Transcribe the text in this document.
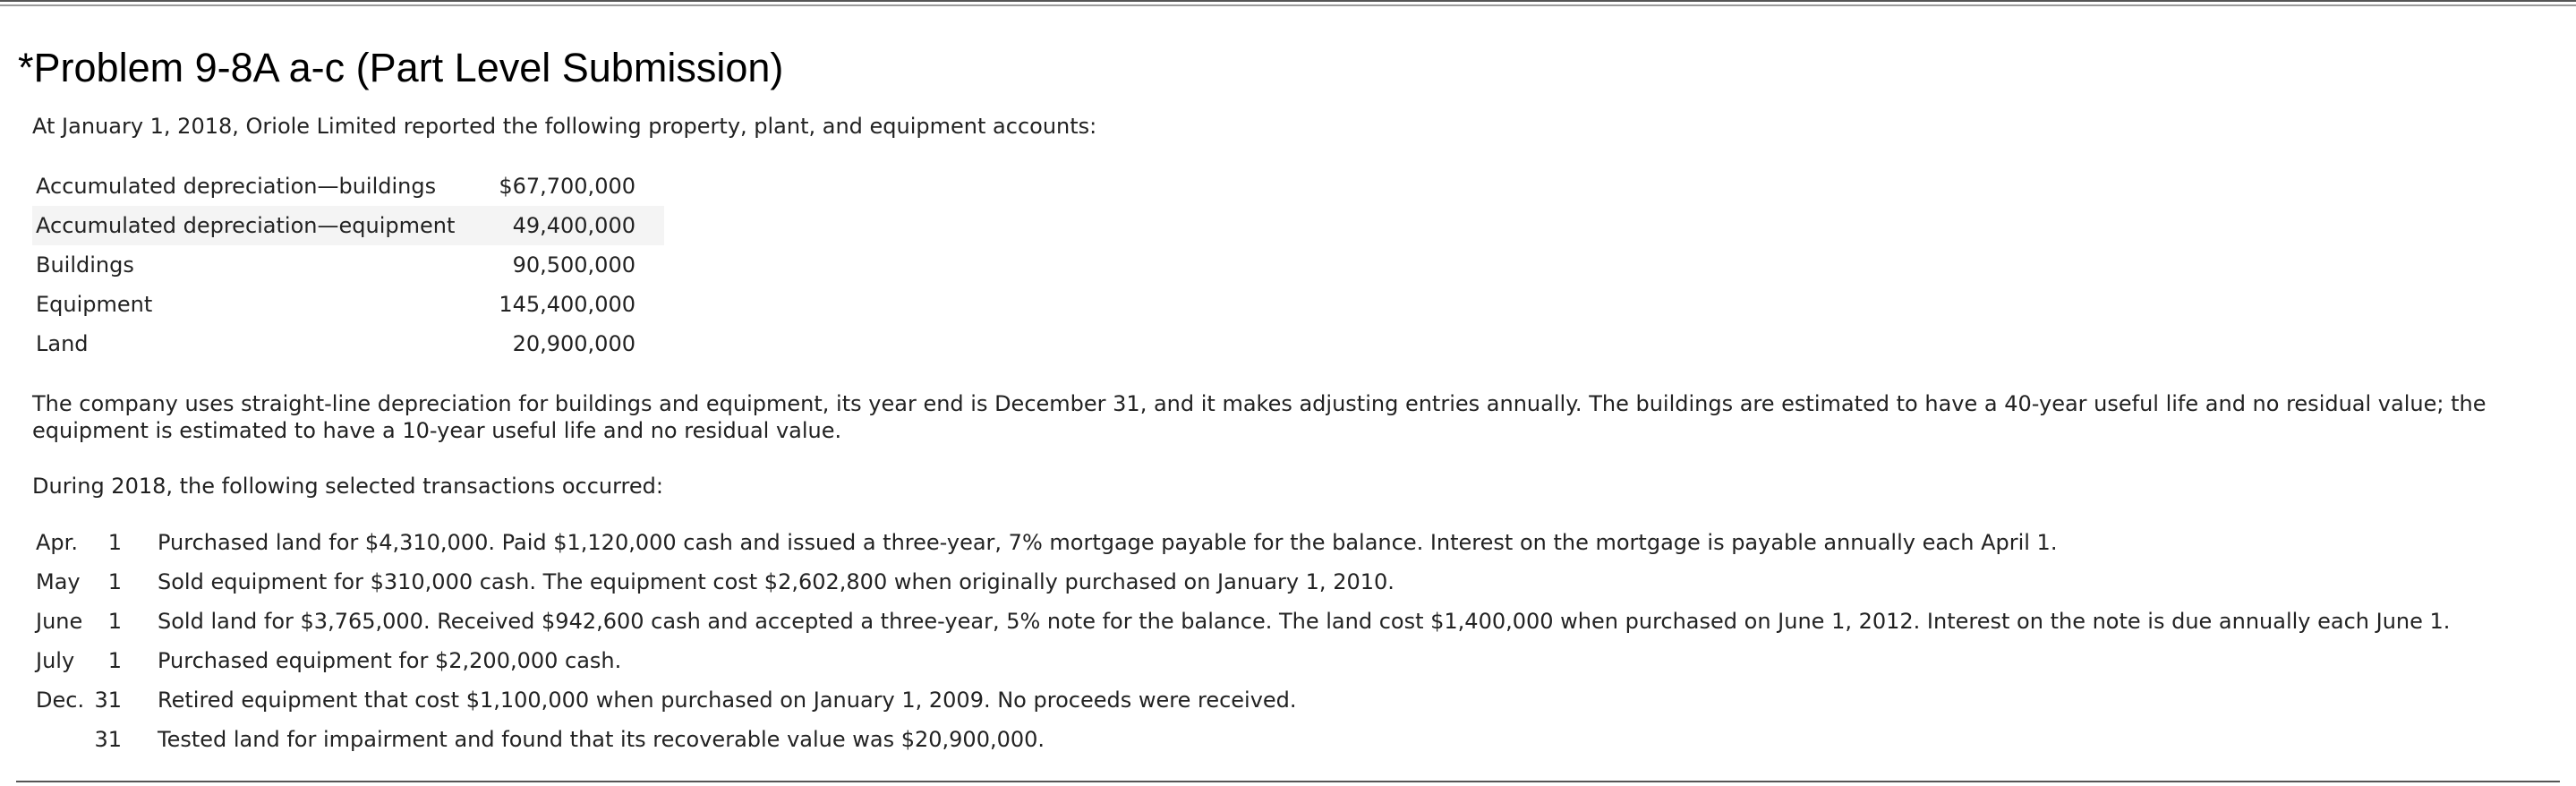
*Problem 9-8A a-c (Part Level Submission)

At January 1, 2018, Oriole Limited reported the following property, plant, and equipment accounts:

Accumulated depreciation—buildings	$67,700,000
Accumulated depreciation—equipment	49,400,000
Buildings	90,500,000
Equipment	145,400,000
Land	20,900,000

The company uses straight-line depreciation for buildings and equipment, its year end is December 31, and it makes adjusting entries annually. The buildings are estimated to have a 40-year useful life and no residual value; the equipment is estimated to have a 10-year useful life and no residual value.

During 2018, the following selected transactions occurred:

Apr.	1	Purchased land for $4,310,000. Paid $1,120,000 cash and issued a three-year, 7% mortgage payable for the balance. Interest on the mortgage is payable annually each April 1.
May	1	Sold equipment for $310,000 cash. The equipment cost $2,602,800 when originally purchased on January 1, 2010.
June	1	Sold land for $3,765,000. Received $942,600 cash and accepted a three-year, 5% note for the balance. The land cost $1,400,000 when purchased on June 1, 2012. Interest on the note is due annually each June 1.
July	1	Purchased equipment for $2,200,000 cash.
Dec.	31	Retired equipment that cost $1,100,000 when purchased on January 1, 2009. No proceeds were received.
	31	Tested land for impairment and found that its recoverable value was $20,900,000.
